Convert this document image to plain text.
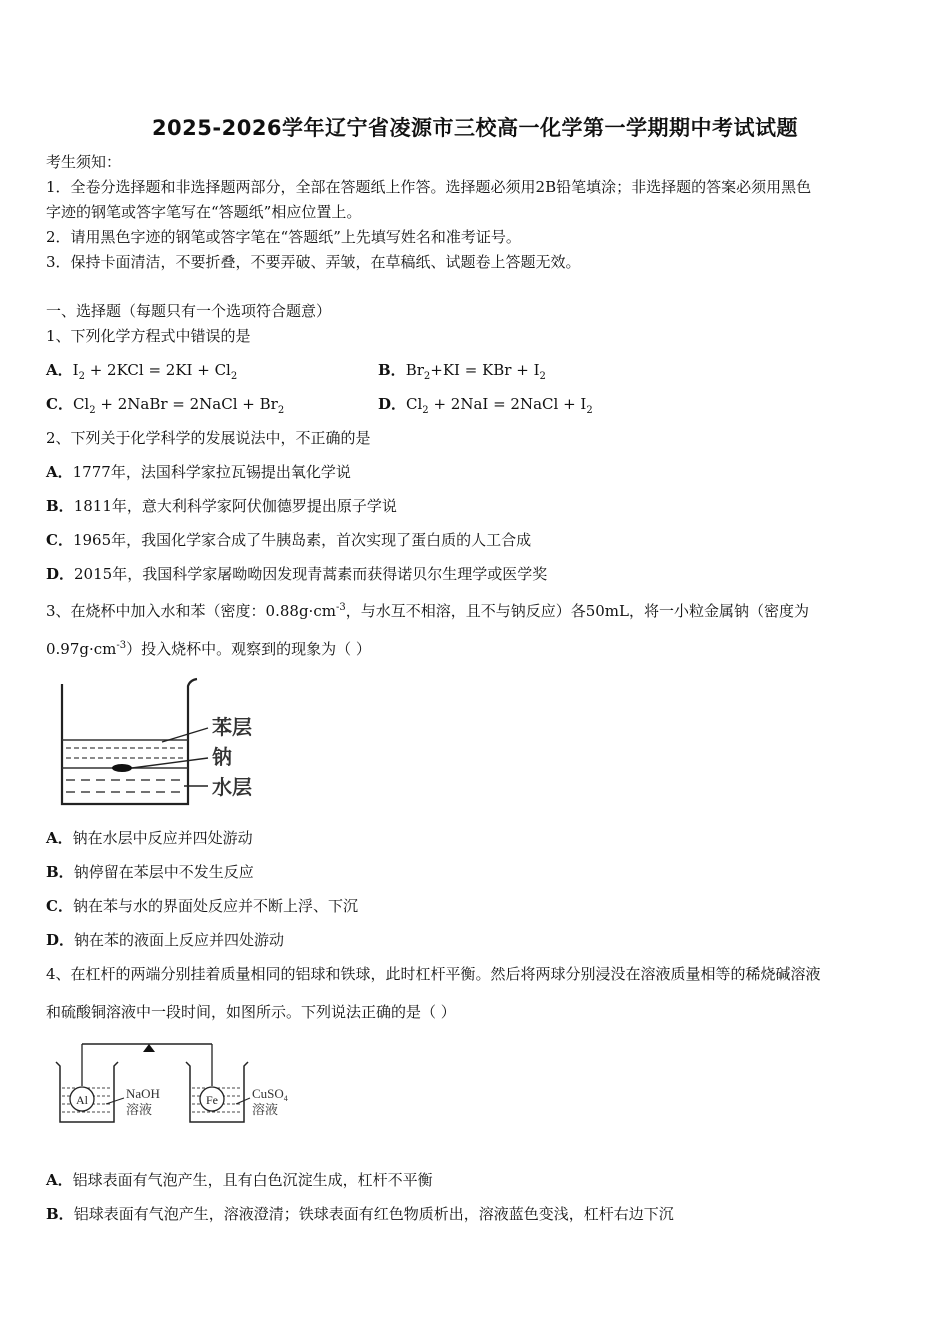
2025-2026学年辽宁省凌源市三校高一化学第一学期期中考试试题
考生须知：
1．全卷分选择题和非选择题两部分，全部在答题纸上作答。选择题必须用2B铅笔填涂；非选择题的答案必须用黑色
字迹的钢笔或答字笔写在“答题纸”相应位置上。
2．请用黑色字迹的钢笔或答字笔在“答题纸”上先填写姓名和准考证号。
3．保持卡面清洁，不要折叠，不要弄破、弄皱，在草稿纸、试题卷上答题无效。
一、选择题（每题只有一个选项符合题意）
1、下列化学方程式中错误的是
A．$I_2 + 2KCl = 2KI + Cl_2$	B．$Br_2+KI$ = KBr + $I_2$
C．$Cl_2$ + 2NaBr = 2NaCl + $Br_2$	D．$Cl_2 + 2NaI$ = 2NaCl + $I_2$
2、下列关于化学科学的发展说法中，不正确的是
A．1777年，法国科学家拉瓦锡提出氧化学说
B．1811年，意大利科学家阿伏伽德罗提出原子学说
C．1965年，我国化学家合成了牛胰岛素，首次实现了蛋白质的人工合成
D．2015年，我国科学家屠呦呦因发现青蒿素而获得诺贝尔生理学或医学奖
3、在烧杯中加入水和苯（密度：$0.88g\cdot cm^{-3}$，与水互不相溶，且不与钠反应）各50mL，将一小粒金属钠（密度为
$0.97g\cdot cm^{-3}$）投入烧杯中。观察到的现象为（ ）
苯层
钠
水层
A．钠在水层中反应并四处游动
B．钠停留在苯层中不发生反应
C．钠在苯与水的界面处反应并不断上浮、下沉
D．钠在苯的液面上反应并四处游动
4、在杠杆的两端分别挂着质量相同的铝球和铁球，此时杠杆平衡。然后将两球分别浸没在溶液质量相等的稀烧碱溶液
和硫酸铜溶液中一段时间，如图所示。下列说法正确的是（ ）
Al	Fe
NaOH
溶液
CuSO$_4$
溶液
A．铝球表面有气泡产生，且有白色沉淀生成，杠杆不平衡
B．铝球表面有气泡产生，溶液澄清；铁球表面有红色物质析出，溶液蓝色变浅，杠杆右边下沉
